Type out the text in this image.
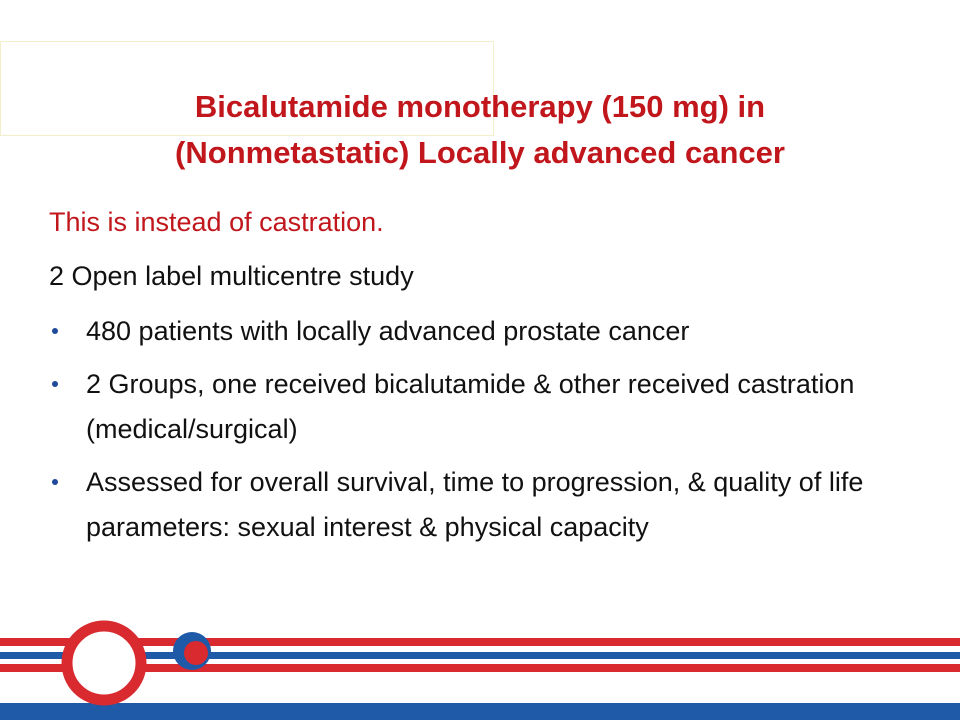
Bicalutamide monotherapy (150 mg) in
(Nonmetastatic) Locally advanced cancer

This is instead of castration.

2 Open label multicentre study

480 patients with locally advanced prostate cancer
2 Groups, one received bicalutamide & other received castration (medical/surgical)
Assessed for overall survival, time to progression, & quality of life parameters: sexual interest & physical capacity
